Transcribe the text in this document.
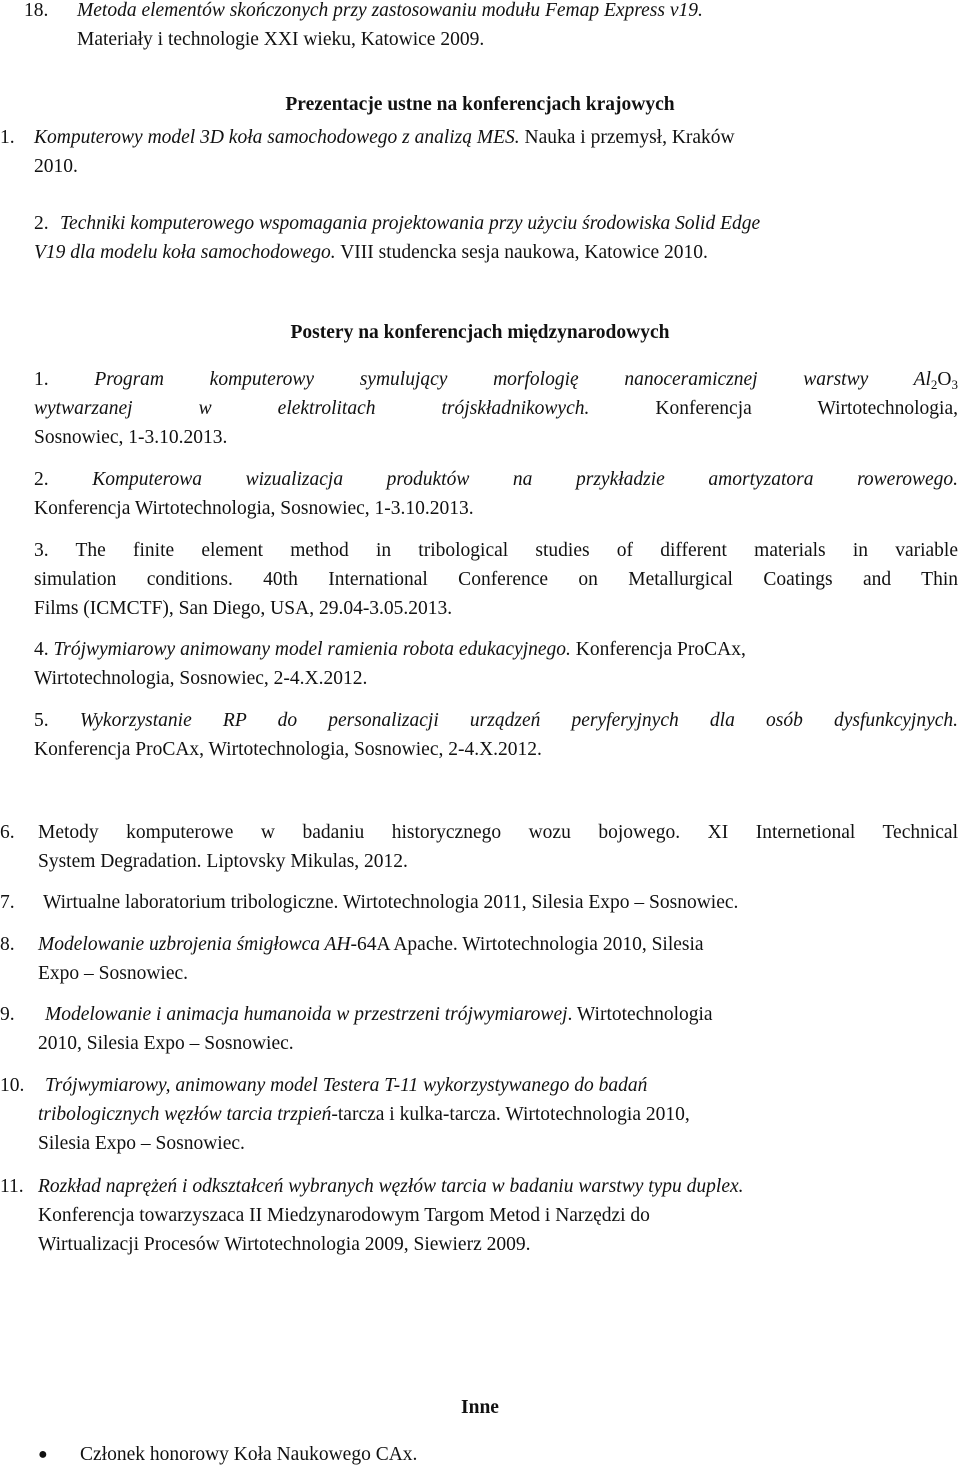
18. Metoda elementów skończonych przy zastosowaniu modułu Femap Express v19.
Materiały i technologie XXI wieku, Katowice 2009.
Prezentacje ustne na konferencjach krajowych
1. Komputerowy model 3D koła samochodowego z analizą MES. Nauka i przemysł, Kraków
2010.
2. Techniki komputerowego wspomagania projektowania przy użyciu środowiska Solid Edge
V19 dla modelu koła samochodowego. VIII studencka sesja naukowa, Katowice 2010.
Postery na konferencjach międzynarodowych
1. Program komputerowy symulujący morfologię nanoceramicznej warstwy $Al_2O_3$
wytwarzanej w elektrolitach trójskładnikowych. Konferencja Wirtotechnologia,
Sosnowiec, 1-3.10.2013.
2. Komputerowa wizualizacja produktów na przykładzie amortyzatora rowerowego.
Konferencja Wirtotechnologia, Sosnowiec, 1-3.10.2013.
3. The finite element method in tribological studies of different materials in variable
simulation conditions. 40th International Conference on Metallurgical Coatings and Thin
Films (ICMCTF), San Diego, USA, 29.04-3.05.2013.
4. Trójwymiarowy animowany model ramienia robota edukacyjnego. Konferencja ProCAx,
Wirtotechnologia, Sosnowiec, 2-4.X.2012.
5. Wykorzystanie RP do personalizacji urządzeń peryferyjnych dla osób dysfunkcyjnych.
Konferencja ProCAx, Wirtotechnologia, Sosnowiec, 2-4.X.2012.
6. Metody komputerowe w badaniu historycznego wozu bojowego. XI Internetional Technical
System Degradation. Liptovsky Mikulas, 2012.
7. Wirtualne laboratorium tribologiczne. Wirtotechnologia 2011, Silesia Expo – Sosnowiec.
8. Modelowanie uzbrojenia śmigłowca AH-64A Apache. Wirtotechnologia 2010, Silesia
Expo – Sosnowiec.
9. Modelowanie i animacja humanoida w przestrzeni trójwymiarowej. Wirtotechnologia
2010, Silesia Expo – Sosnowiec.
10. Trójwymiarowy, animowany model Testera T-11 wykorzystywanego do badań
tribologicznych węzłów tarcia trzpień-tarcza i kulka-tarcza. Wirtotechnologia 2010,
Silesia Expo – Sosnowiec.
11. Rozkład naprężeń i odkształceń wybranych węzłów tarcia w badaniu warstwy typu duplex.
Konferencja towarzyszaca II Miedzynarodowym Targom Metod i Narzędzi do
Wirtualizacji Procesów Wirtotechnologia 2009, Siewierz 2009.
Inne
● Członek honorowy Koła Naukowego CAx.
